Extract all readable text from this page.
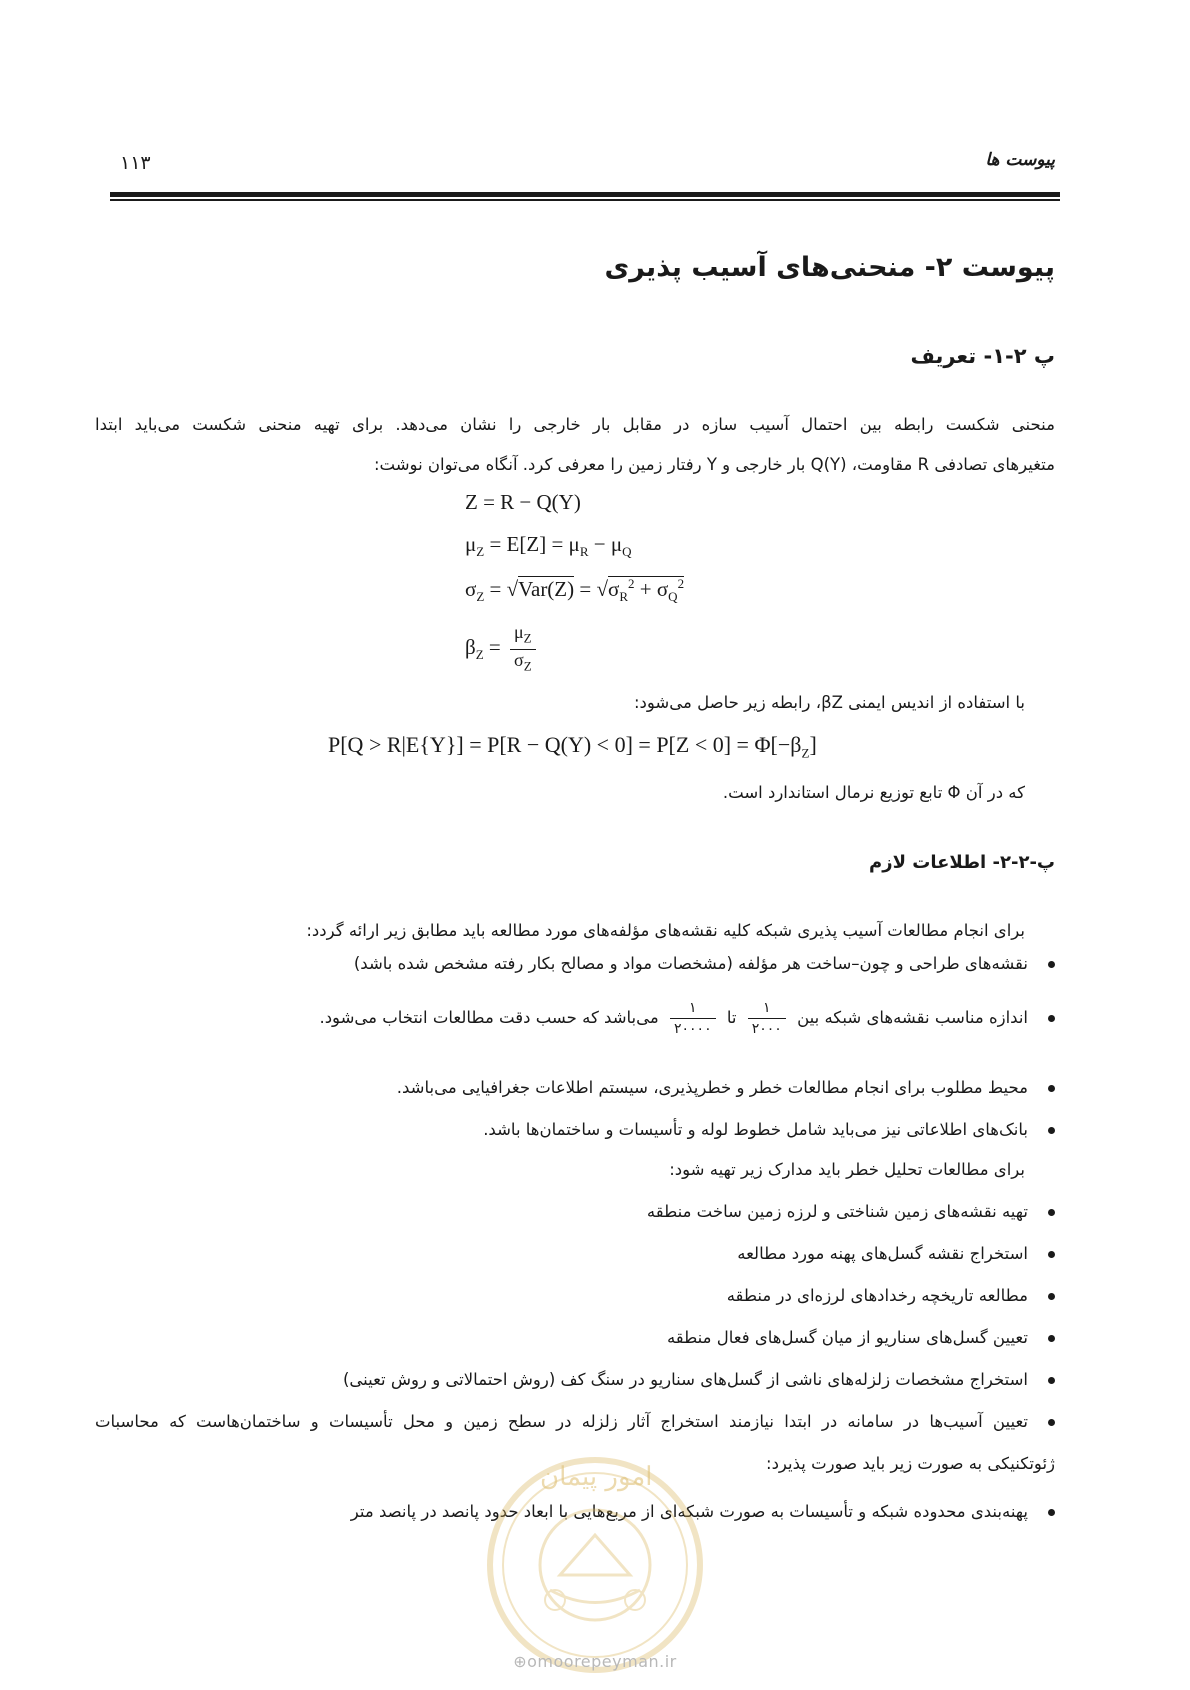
پیوست ها
۱۱۳
پیوست ۲- منحنی‌های آسیب پذیری
پ ۲-۱- تعریف
منحنی شکست رابطه بین احتمال آسیب سازه در مقابل بار خارجی را نشان می‌دهد. برای تهیه منحنی شکست می‌باید ابتدا
متغیرهای تصادفی R مقاومت، Q(Y) بار خارجی و Y رفتار زمین را معرفی کرد. آنگاه می‌توان نوشت:
Z = R − Q(Y)
$\mu_Z = E[Z] = \mu_R - \mu_Q$
$\sigma_Z = √Var(Z) = √\sigma_R^2 + \sigma_Q^2$
$\beta_Z = \frac{\mu_Z}{\sigma_Z}$
با استفاده از اندیس ایمنی βZ، رابطه زیر حاصل می‌شود:
$P[Q > R|E\{Y\}] = P[R - Q(Y) < 0] = P[Z < 0] = \Phi[-\beta_Z]$
که در آن Φ تابع توزیع نرمال استاندارد است.
پ-۲-۲- اطلاعات لازم
برای انجام مطالعات آسیب پذیری شبکه کلیه نقشه‌های مؤلفه‌های مورد مطالعه باید مطابق زیر ارائه گردد:
نقشه‌های طراحی و چون–ساخت هر مؤلفه (مشخصات مواد و مصالح بکار رفته مشخص شده باشد)
اندازه مناسب نقشه‌های شبکه بین
$\frac{۱}{۲۰۰۰}$
تا
$\frac{۱}{۲۰۰۰۰}$
می‌باشد که حسب دقت مطالعات انتخاب می‌شود.
محیط مطلوب برای انجام مطالعات خطر و خطرپذیری، سیستم اطلاعات جغرافیایی می‌باشد.
بانک‌های اطلاعاتی نیز می‌باید شامل خطوط لوله و تأسیسات و ساختمان‌ها باشد.
برای مطالعات تحلیل خطر باید مدارک زیر تهیه شود:
تهیه نقشه‌های زمین شناختی و لرزه زمین ساخت منطقه
استخراج نقشه گسل‌های پهنه مورد مطالعه
مطالعه تاریخچه رخدادهای لرزه‌ای در منطقه
تعیین گسل‌های سناریو از میان گسل‌های فعال منطقه
استخراج مشخصات زلزله‌های ناشی از گسل‌های سناریو در سنگ کف (روش احتمالاتی و روش تعینی)
تعیین آسیب‌ها در سامانه در ابتدا نیازمند استخراج آثار زلزله در سطح زمین و محل تأسیسات و ساختمان‌هاست که محاسبات
ژئوتکنیکی به صورت زیر باید صورت پذیرد:
پهنه‌بندی محدوده شبکه و تأسیسات به صورت شبکه‌ای از مربع‌هایی با ابعاد حدود پانصد در پانصد متر
امور پیمان
⊕omoorepeyman.ir
